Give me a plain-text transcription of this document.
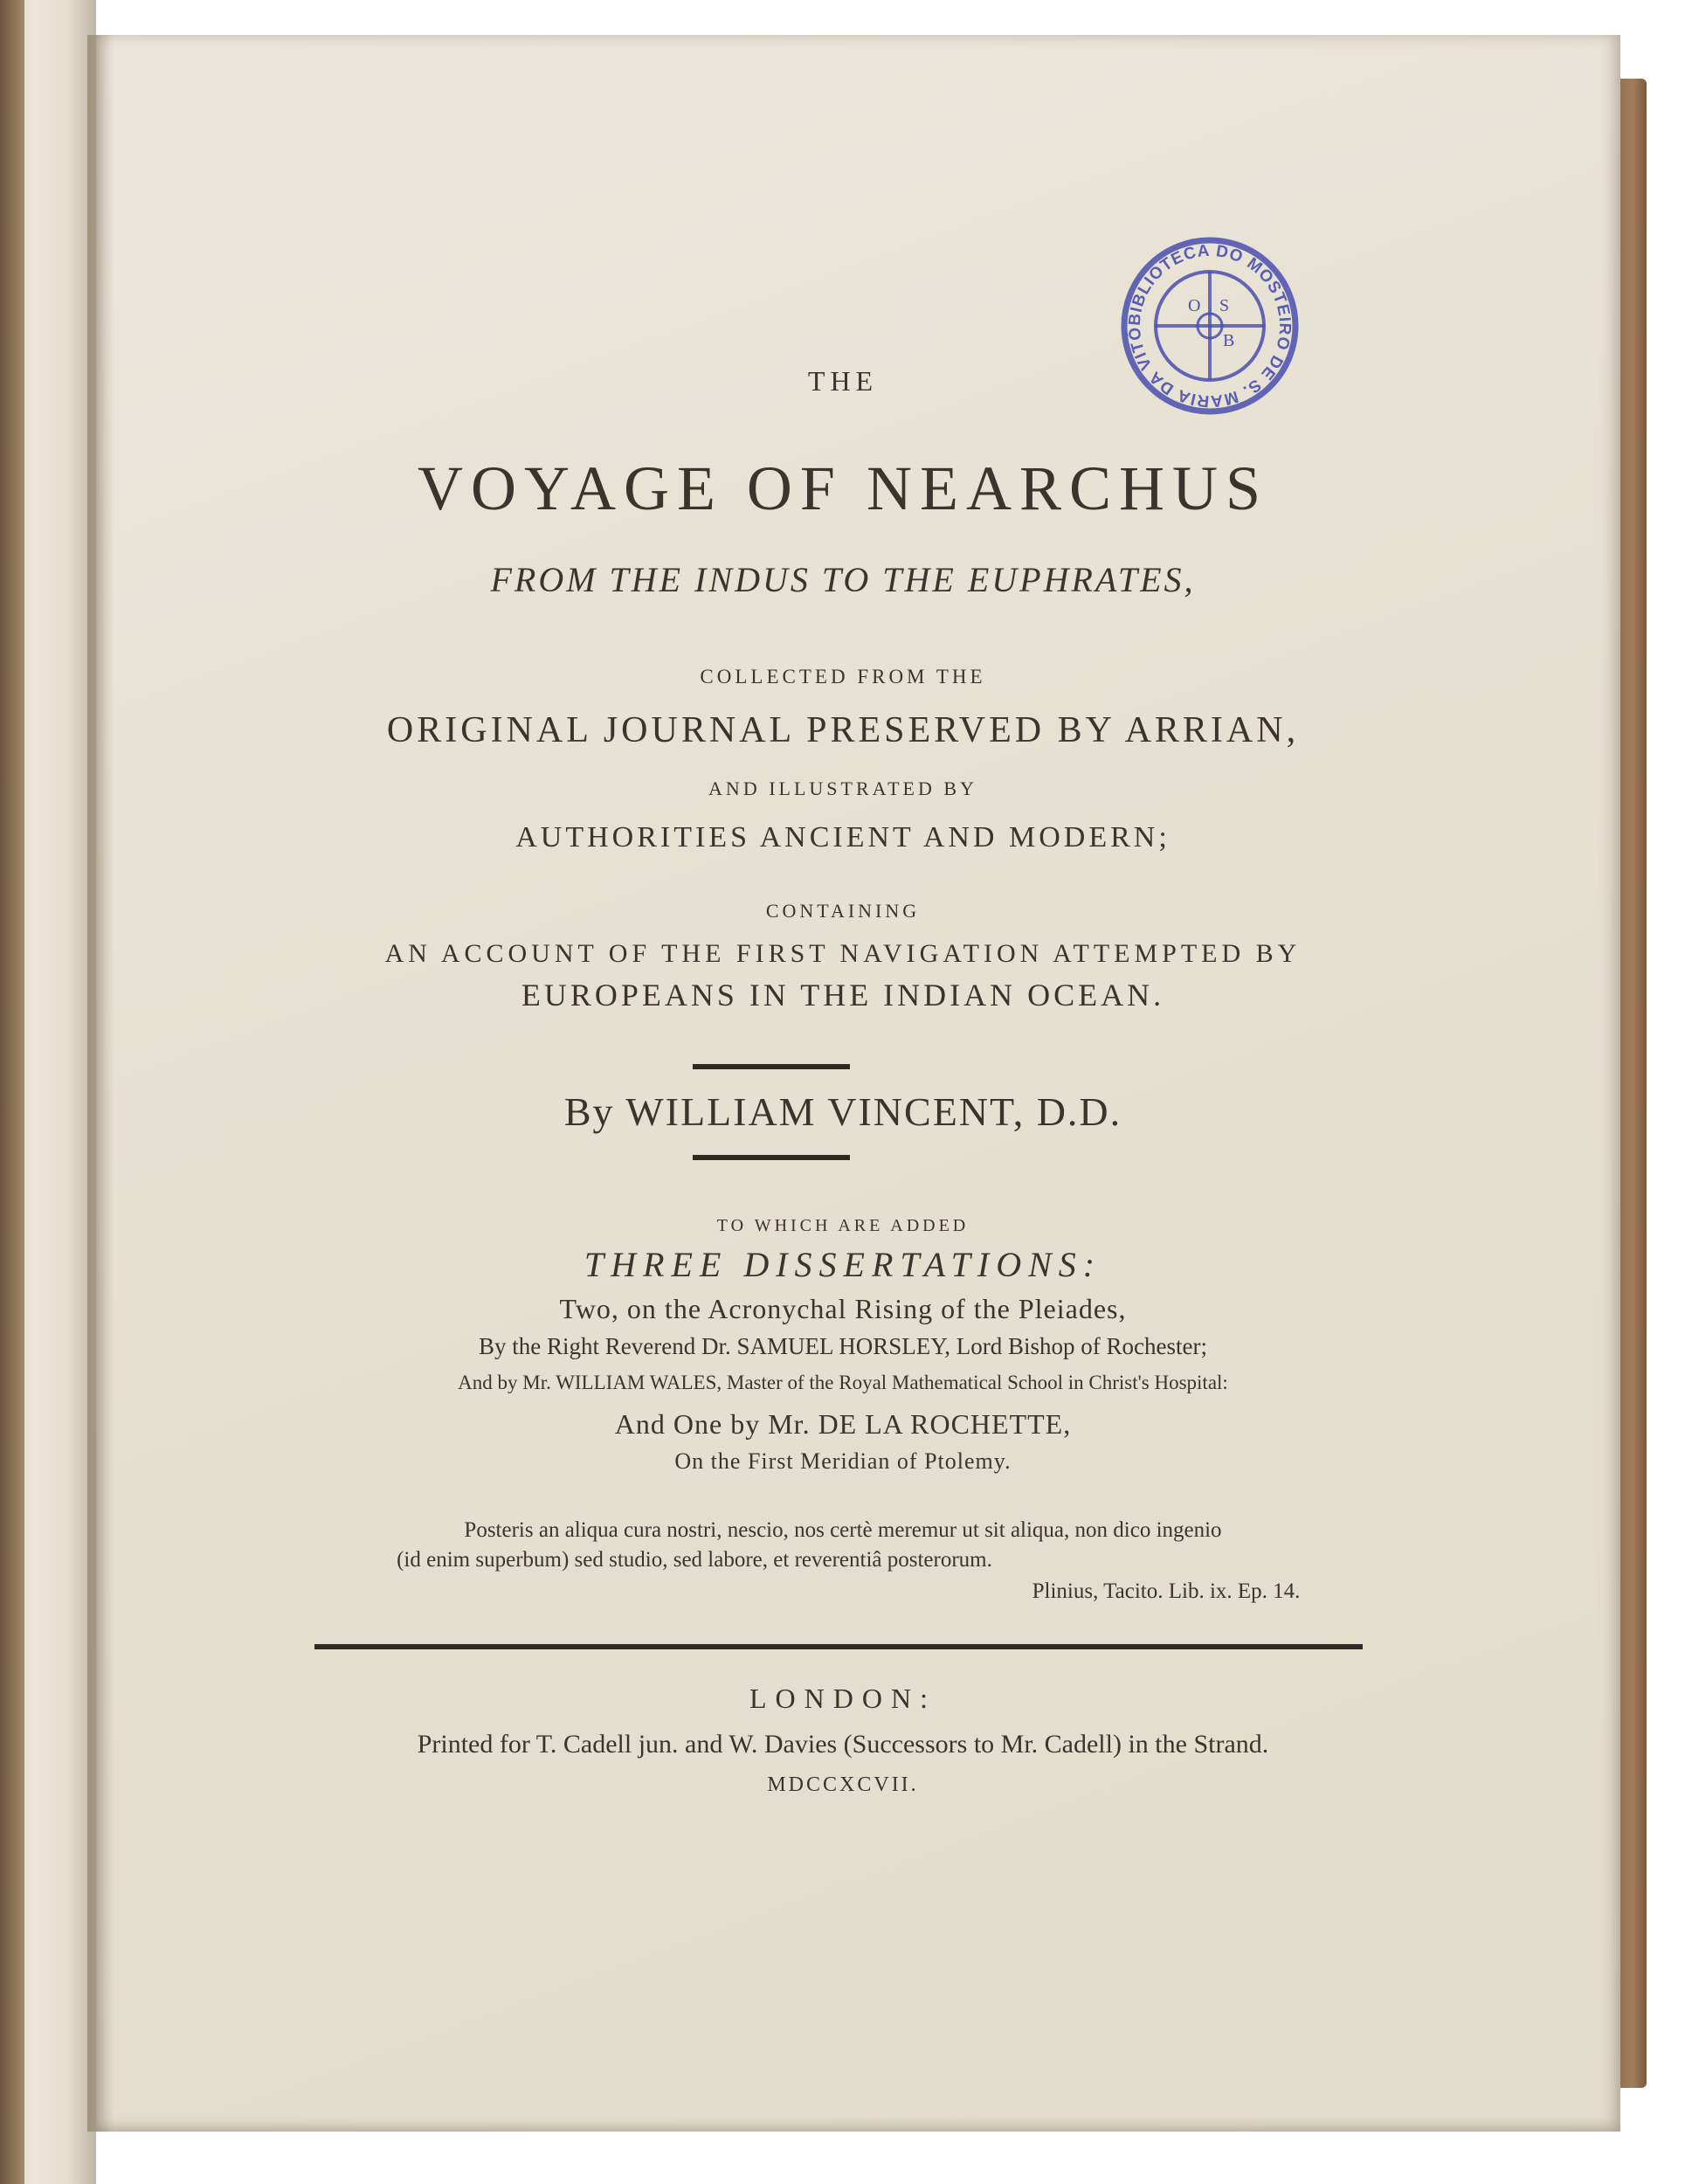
O S
B
BIBLIOTECA DO MOSTEIRO DE S. MARIA DA VITÓ

THE

VOYAGE OF NEARCHUS

FROM THE INDUS TO THE EUPHRATES,

COLLECTED FROM THE

ORIGINAL JOURNAL PRESERVED BY ARRIAN,

AND ILLUSTRATED BY

AUTHORITIES ANCIENT AND MODERN;

CONTAINING

AN ACCOUNT OF THE FIRST NAVIGATION ATTEMPTED BY

EUROPEANS IN THE INDIAN OCEAN.

By WILLIAM VINCENT, D.D.

TO WHICH ARE ADDED

THREE DISSERTATIONS:

Two, on the Acronychal Rising of the Pleiades,

By the Right Reverend Dr. SAMUEL HORSLEY, Lord Bishop of Rochester;

And by Mr. WILLIAM WALES, Master of the Royal Mathematical School in Christ's Hospital:

And One by Mr. DE LA ROCHETTE,

On the First Meridian of Ptolemy.

Posteris an aliqua cura nostri, nescio, nos certè meremur ut sit aliqua, non dico ingenio

(id enim superbum) sed studio, sed labore, et reverentiâ posterorum.

Plinius, Tacito. Lib. ix. Ep. 14.

LONDON:

Printed for T. Cadell jun. and W. Davies (Successors to Mr. Cadell) in the Strand.

MDCCXCVII.
